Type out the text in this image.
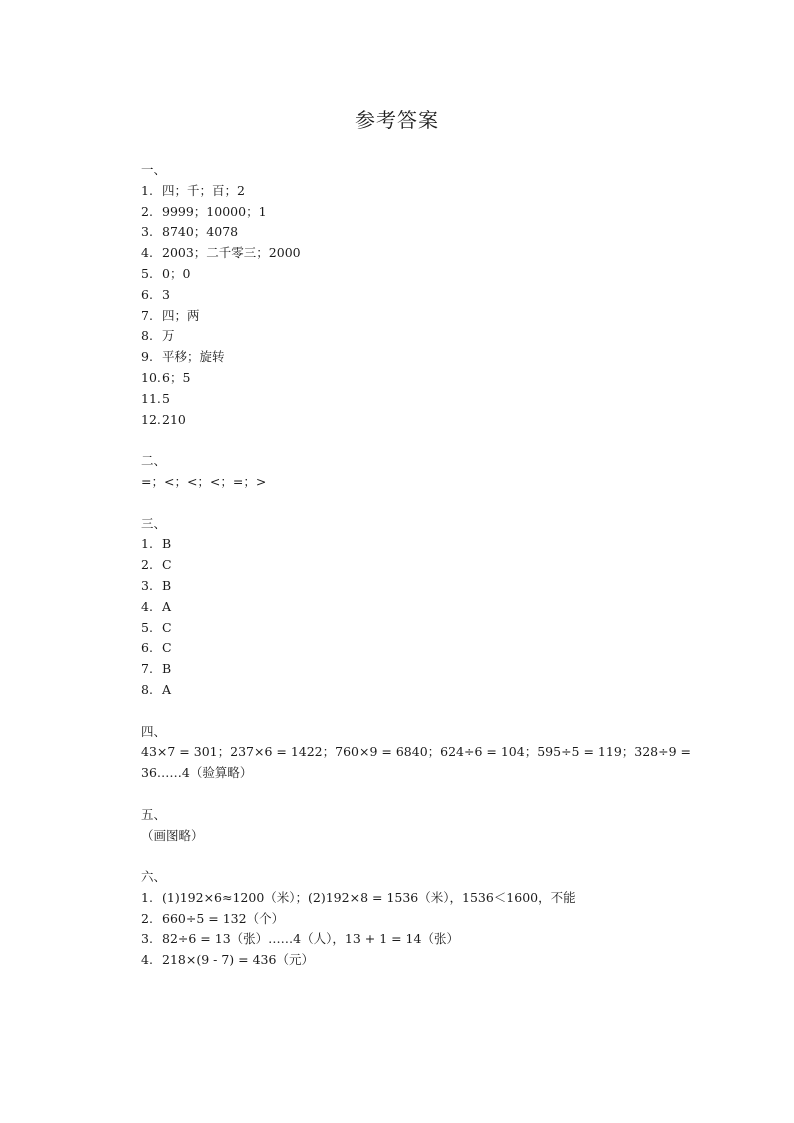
参考答案
一、
1. 四；千；百；2
2. 9999；10000；1
3. 8740；4078
4. 2003；二千零三；2000
5. 0；0
6. 3
7. 四；两
8. 万
9. 平移；旋转
10.6；5
11.5
12.210
二、
=；<；<；<；=；>
三、
1. B
2. C
3. B
4. A
5. C
6. C
7. B
8. A
四、
43×7 = 301；237×6 = 1422；760×9 = 6840；624÷6 = 104；595÷5 = 119；328÷9 =
36……4（验算略）
五、
（画图略）
六、
1. (1)192×6≈1200（米）；(2)192×8 = 1536（米），1536＜1600，不能
2. 660÷5 = 132（个）
3. 82÷6 = 13（张）……4（人），13 + 1 = 14（张）
4. 218×(9 - 7) = 436（元）
